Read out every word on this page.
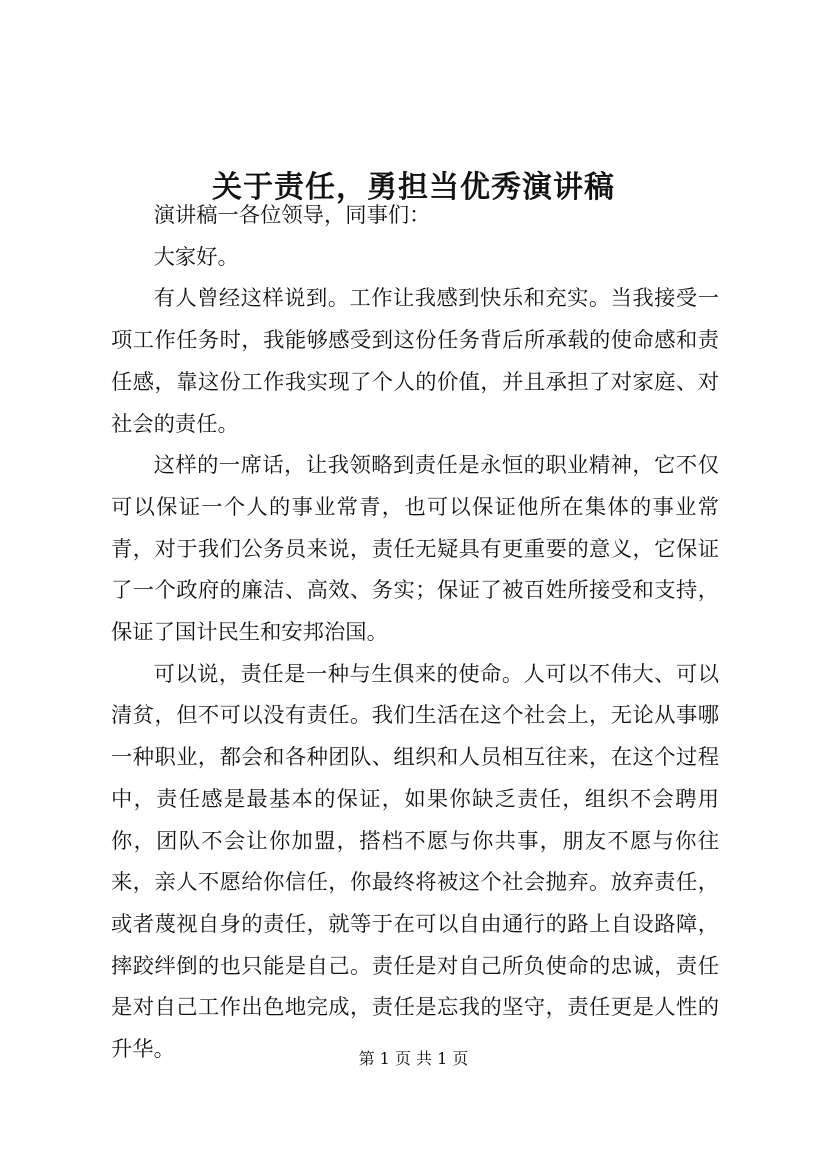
关于责任，勇担当优秀演讲稿

演讲稿一各位领导，同事们：

大家好。

有人曾经这样说到。工作让我感到快乐和充实。当我接受一项工作任务时，我能够感受到这份任务背后所承载的使命感和责任感，靠这份工作我实现了个人的价值，并且承担了对家庭、对社会的责任。

这样的一席话，让我领略到责任是永恒的职业精神，它不仅可以保证一个人的事业常青，也可以保证他所在集体的事业常青，对于我们公务员来说，责任无疑具有更重要的意义，它保证了一个政府的廉洁、高效、务实；保证了被百姓所接受和支持，保证了国计民生和安邦治国。

可以说，责任是一种与生俱来的使命。人可以不伟大、可以清贫，但不可以没有责任。我们生活在这个社会上，无论从事哪一种职业，都会和各种团队、组织和人员相互往来，在这个过程中，责任感是最基本的保证，如果你缺乏责任，组织不会聘用你，团队不会让你加盟，搭档不愿与你共事，朋友不愿与你往来，亲人不愿给你信任，你最终将被这个社会抛弃。放弃责任，或者蔑视自身的责任，就等于在可以自由通行的路上自设路障，摔跤绊倒的也只能是自己。责任是对自己所负使命的忠诚，责任是对自己工作出色地完成，责任是忘我的坚守，责任更是人性的升华。	第 1 页 共 1 页
